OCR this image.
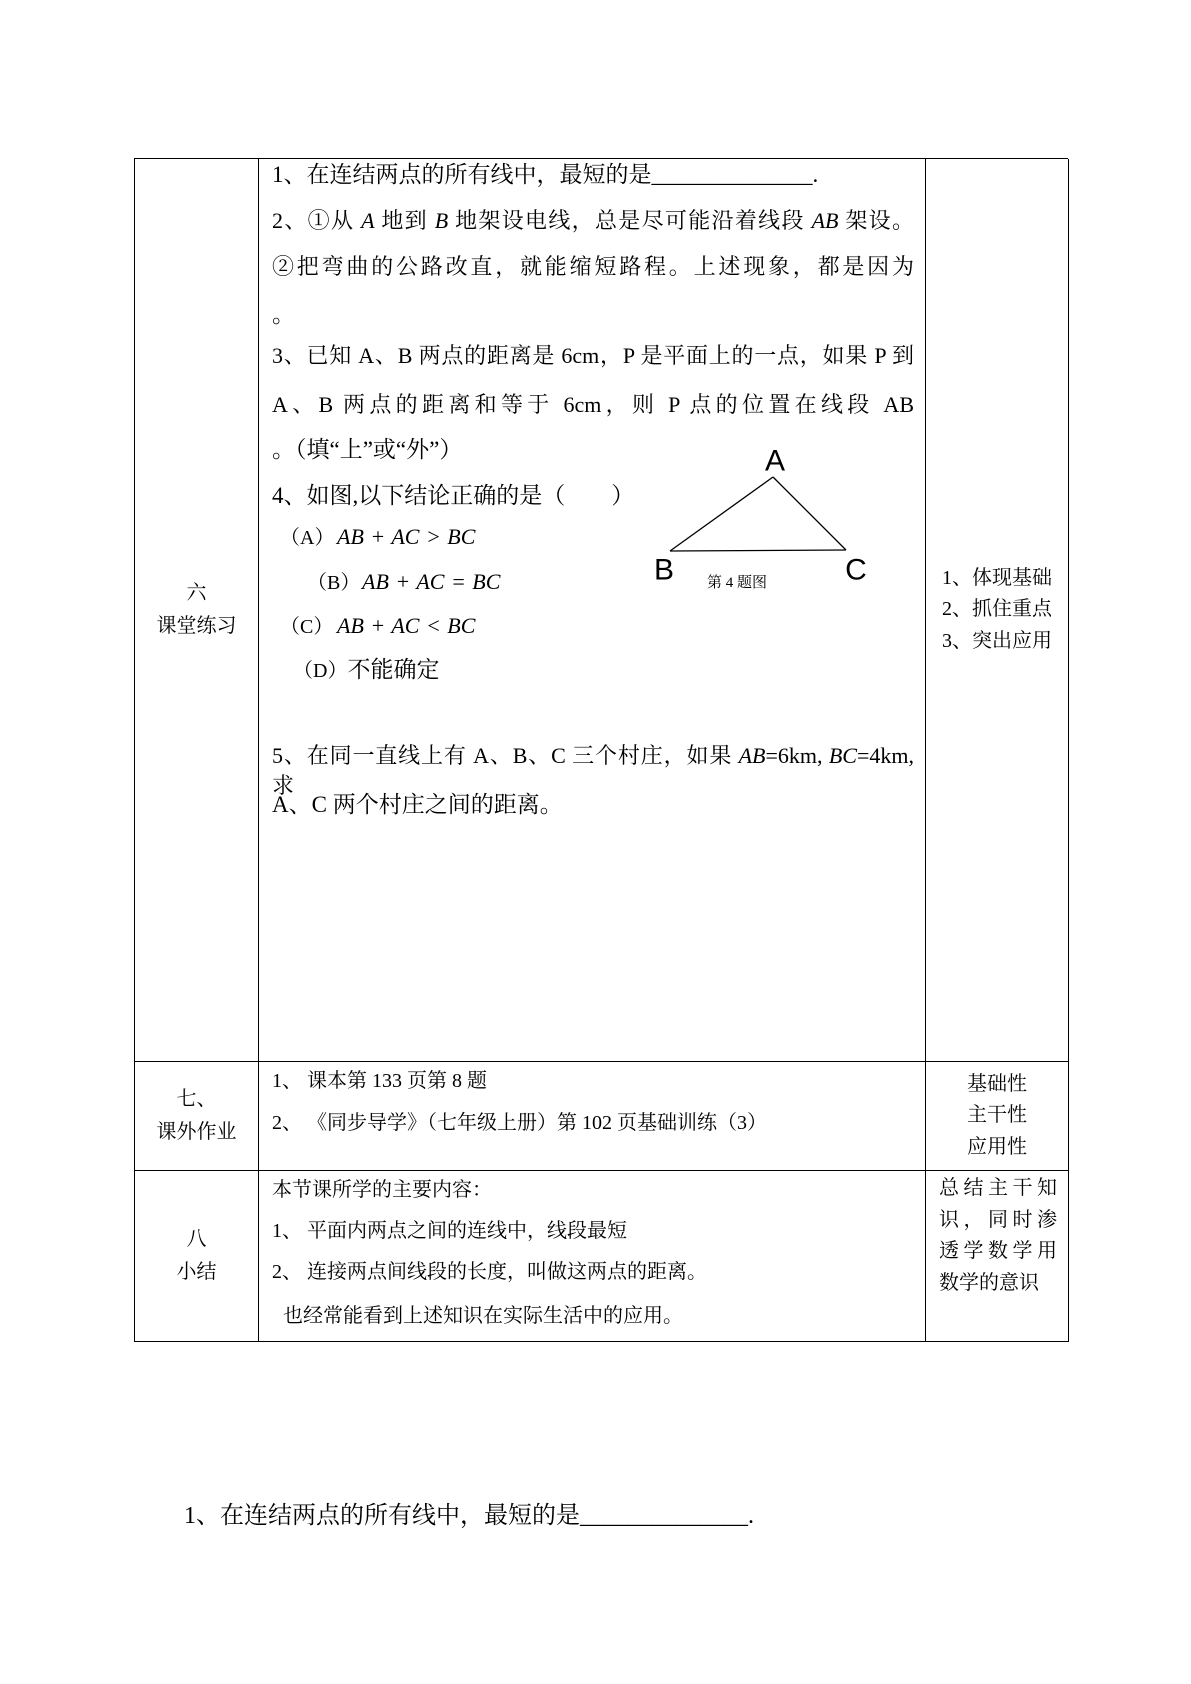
六
课堂练习
1、在连结两点的所有线中，最短的是______________.
2、①从 A 地到 B 地架设电线，总是尽可能沿着线段 AB 架设。
②把弯曲的公路改直，就能缩短路程。上述现象，都是因为
。
3、已知 A、B 两点的距离是 6cm，P 是平面上的一点，如果 P 到
A、B 两点的距离和等于 6cm，则 P 点的位置在线段 AB
。（填“上”或“外”）
4、如图,以下结论正确的是（　　）
（A） AB + AC > BC
（B）AB + AC = BC
（C） AB + AC < BC
（D）不能确定
A
B	C
第 4 题图
5、在同一直线上有 A、B、C 三个村庄，如果 AB=6km, BC=4km, 求
A、C 两个村庄之间的距离。
1、体现基础
2、抓住重点
3、突出应用
七、
课外作业
1、 课本第 133 页第 8 题
2、 《同步导学》（七年级上册）第 102 页基础训练（3）
基础性
主干性
应用性
八
小结
本节课所学的主要内容：
1、 平面内两点之间的连线中，线段最短
2、 连接两点间线段的长度，叫做这两点的距离。
也经常能看到上述知识在实际生活中的应用。
总结主干知
识，同时渗
透学数学用
数学的意识
1、在连结两点的所有线中，最短的是______________.
